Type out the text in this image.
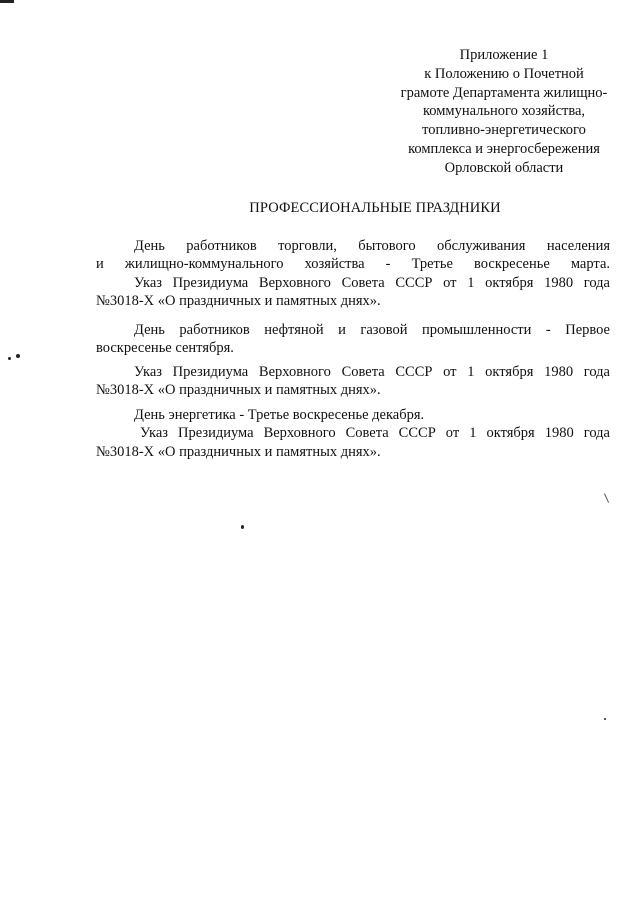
Приложение 1
к Положению о Почетной
грамоте Департамента жилищно-
коммунального хозяйства,
топливно-энергетического
комплекса и энергосбережения
Орловской области
ПРОФЕССИОНАЛЬНЫЕ ПРАЗДНИКИ
День работников торговли, бытового обслуживания населения
и жилищно-коммунального хозяйства - Третье воскресенье марта.
Указ Президиума Верховного Совета СССР от 1 октября 1980 года
№3018-Х «О праздничных и памятных днях».
День работников нефтяной и газовой промышленности - Первое
воскресенье сентября.
Указ Президиума Верховного Совета СССР от 1 октября 1980 года
№3018-Х «О праздничных и памятных днях».
День энергетика - Третье воскресенье декабря.
Указ Президиума Верховного Совета СССР от 1 октября 1980 года
№3018-Х «О праздничных и памятных днях».
